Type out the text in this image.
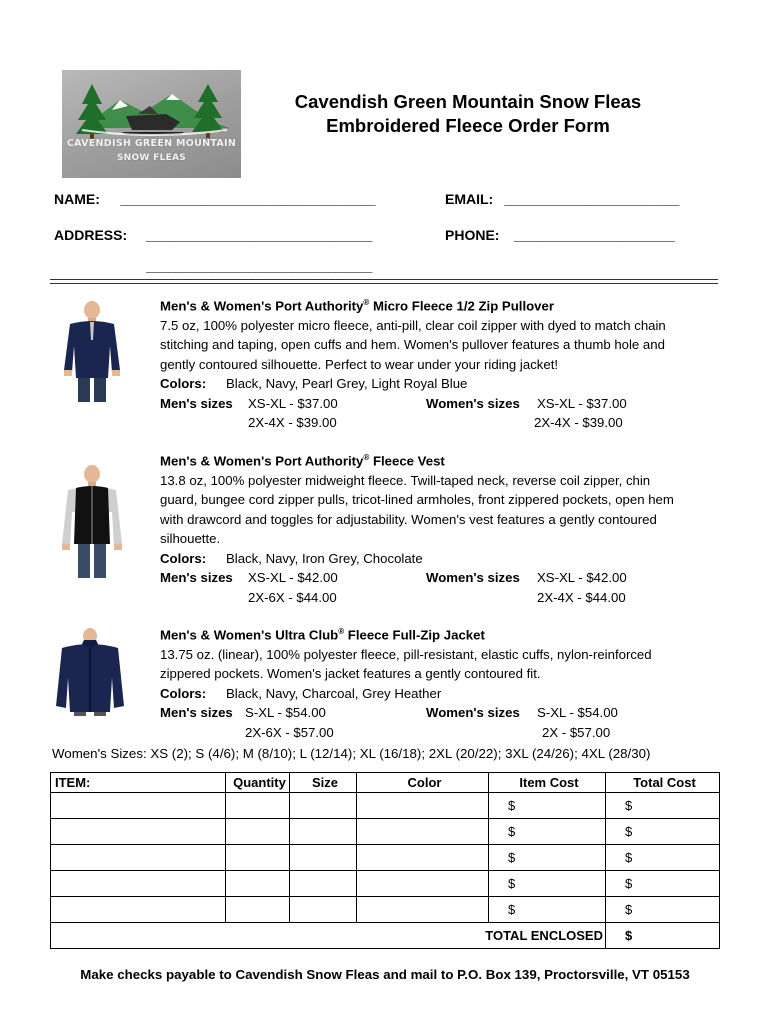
CAVENDISH GREEN MOUNTAIN
SNOW FLEAS
Cavendish Green Mountain Snow Fleas
Embroidered Fleece Order Form
NAME: ___________________________________	EMAIL: ________________________
ADDRESS: _______________________________	PHONE: ______________________
_______________________________
Men's & Women's Port Authority® Micro Fleece 1/2 Zip Pullover
7.5 oz, 100% polyester micro fleece, anti-pill, clear coil zipper with dyed to match chain
stitching and taping, open cuffs and hem. Women's pullover features a thumb hole and
gently contoured silhouette. Perfect to wear under your riding jacket!
Colors: Black, Navy, Pearl Grey, Light Royal Blue
Men's sizes XS-XL - $37.00	Women's sizes XS-XL - $37.00
2X-4X - $39.00	2X-4X - $39.00
Men's & Women's Port Authority® Fleece Vest
13.8 oz, 100% polyester midweight fleece. Twill-taped neck, reverse coil zipper, chin
guard, bungee cord zipper pulls, tricot-lined armholes, front zippered pockets, open hem
with drawcord and toggles for adjustability. Women's vest features a gently contoured
silhouette.
Colors: Black, Navy, Iron Grey, Chocolate
Men's sizes XS-XL - $42.00	Women's sizes XS-XL - $42.00
2X-6X - $44.00	2X-4X - $44.00
Men's & Women's Ultra Club® Fleece Full-Zip Jacket
13.75 oz. (linear), 100% polyester fleece, pill-resistant, elastic cuffs, nylon-reinforced
zippered pockets. Women's jacket features a gently contoured fit.
Colors: Black, Navy, Charcoal, Grey Heather
Men's sizes S-XL - $54.00	Women's sizes S-XL - $54.00
2X-6X - $57.00	2X - $57.00
Women's Sizes: XS (2); S (4/6); M (8/10); L (12/14); XL (16/18); 2XL (20/22); 3XL (24/26); 4XL (28/30)
ITEM:	Quantity	Size	Color	Item Cost	Total Cost
				$	$
				$	$
				$	$
				$	$
				$	$
			TOTAL ENCLOSED		$
Make checks payable to Cavendish Snow Fleas and mail to P.O. Box 139, Proctorsville, VT 05153
